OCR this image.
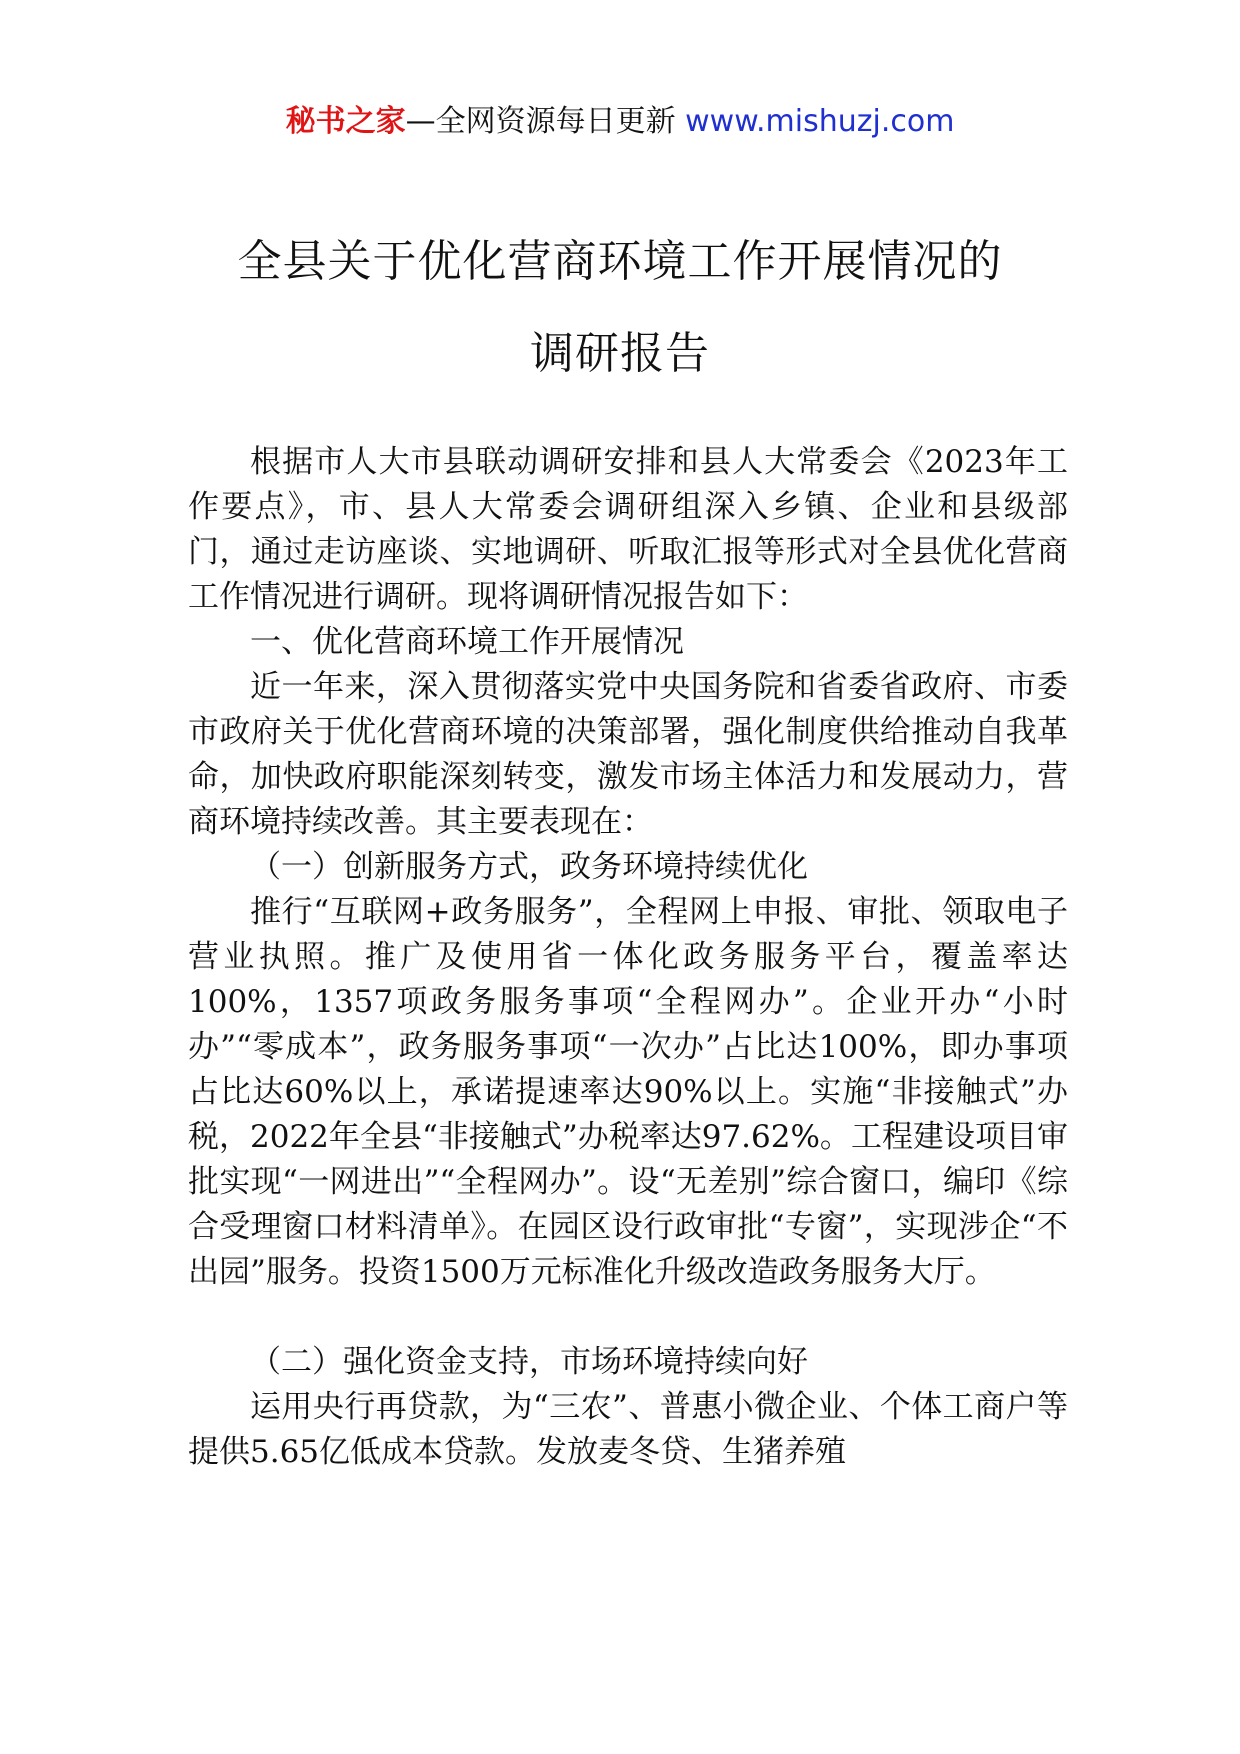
秘书之家—全网资源每日更新 www.mishuzj.com
全县关于优化营商环境工作开展情况的
调研报告

根据市人大市县联动调研安排和县人大常委会《2023年工作要点》，市、县人大常委会调研组深入乡镇、企业和县级部门，通过走访座谈、实地调研、听取汇报等形式对全县优化营商工作情况进行调研。现将调研情况报告如下：

一、优化营商环境工作开展情况

近一年来，深入贯彻落实党中央国务院和省委省政府、市委市政府关于优化营商环境的决策部署，强化制度供给推动自我革命，加快政府职能深刻转变，激发市场主体活力和发展动力，营商环境持续改善。其主要表现在：

（一）创新服务方式，政务环境持续优化

推行“互联网+政务服务”，全程网上申报、审批、领取电子营业执照。推广及使用省一体化政务服务平台，覆盖率达100%，1357项政务服务事项“全程网办”。企业开办“小时办”“零成本”，政务服务事项“一次办”占比达100%，即办事项占比达60%以上，承诺提速率达90%以上。实施“非接触式”办税，2022年全县“非接触式”办税率达97.62%。工程建设项目审批实现“一网进出”“全程网办”。设“无差别”综合窗口，编印《综合受理窗口材料清单》。在园区设行政审批“专窗”，实现涉企“不出园”服务。投资1500万元标准化升级改造政务服务大厅。

（二）强化资金支持，市场环境持续向好

运用央行再贷款，为“三农”、普惠小微企业、个体工商户等提供5.65亿低成本贷款。发放麦冬贷、生猪养殖
